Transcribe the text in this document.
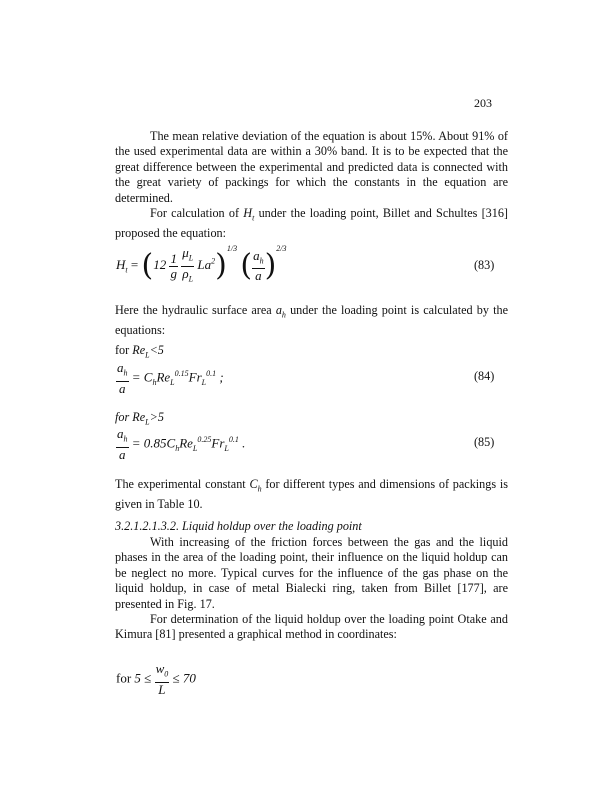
203

The mean relative deviation of the equation is about 15%. About 91% of the used experimental data are within a 30% band. It is to be expected that the great difference between the experimental and predicted data is connected with the great variety of packings for which the constants in the equation are determined.

For calculation of $H_t$ under the loading point, Billet and Schultes [316] proposed the equation:

$H_t = (12 \frac{1}{g}$
$\frac{\mu_L}{\rho_L} La^2)^{1/3}$ ( $\frac{a_h}{a} )^{2/3}$
(83)

Here the hydraulic surface area $a_h$ under the loading point is calculated by the equations:

for $Re_L<5$

$\frac{a_h}{a} = C_hRe_L^{0.15}Fr_L^{0.1}$ ;	(84)

for $Re_L>5$

$\frac{a_h}{a} = 0.85C_hRe_L^{0.25}Fr_L^{0.1}$ .	(85)

The experimental constant $C_h$ for different types and dimensions of packings is given in Table 10.

3.2.1.2.1.3.2. Liquid holdup over the loading point

With increasing of the friction forces between the gas and the liquid phases in the area of the loading point, their influence on the liquid holdup can be neglect no more. Typical curves for the influence of the gas phase on the liquid holdup, in case of metal Bialecki ring, taken from Billet [177], are presented in Fig. 17.

For determination of the liquid holdup over the loading point Otake and Kimura [81] presented a graphical method in coordinates:

for $5 \le \frac{w_0}{L} \le 70$
